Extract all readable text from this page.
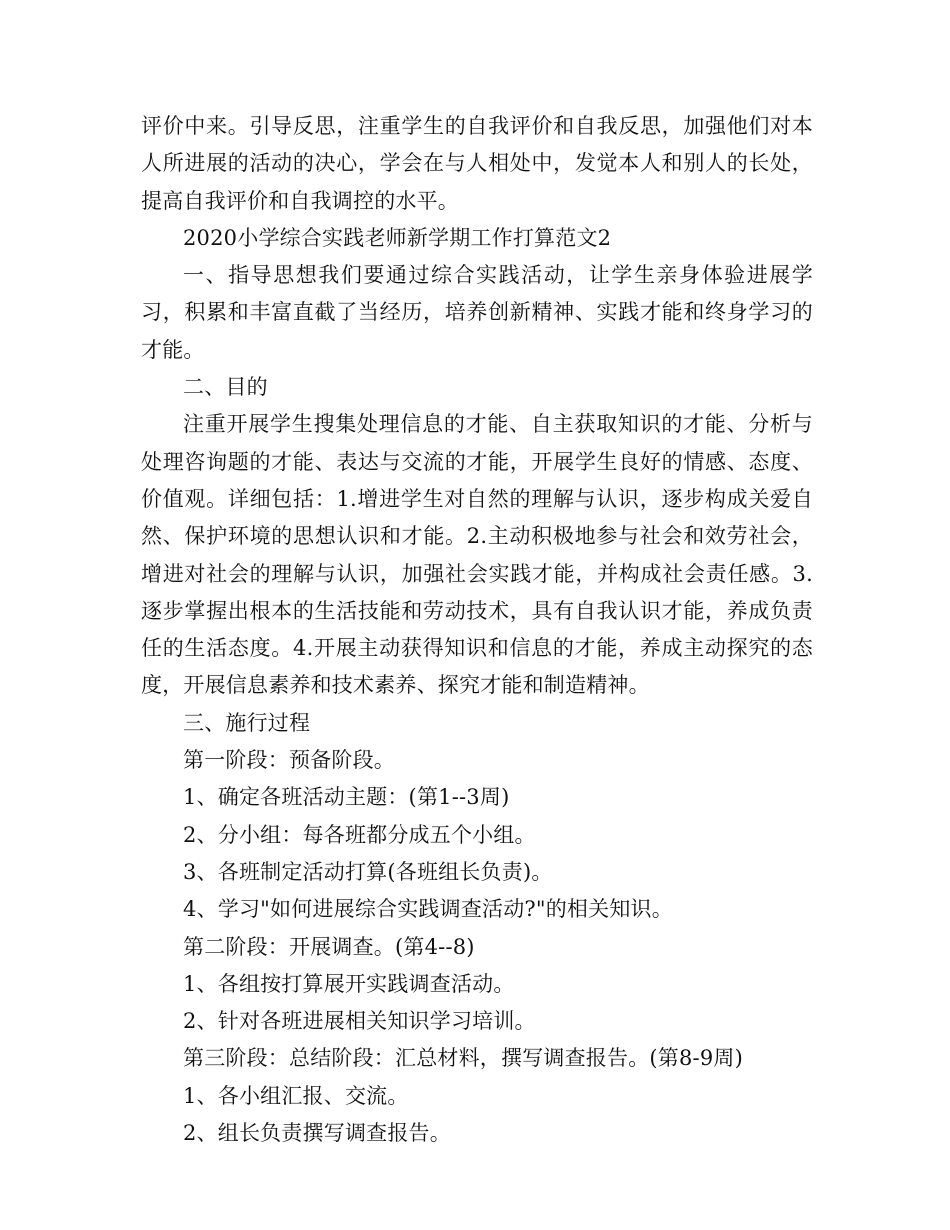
评价中来。引导反思，注重学生的自我评价和自我反思，加强他们对本人所进展的活动的决心，学会在与人相处中，发觉本人和别人的长处，提高自我评价和自我调控的水平。

2020小学综合实践老师新学期工作打算范文2

一、指导思想我们要通过综合实践活动，让学生亲身体验进展学习，积累和丰富直截了当经历，培养创新精神、实践才能和终身学习的才能。

二、目的

注重开展学生搜集处理信息的才能、自主获取知识的才能、分析与处理咨询题的才能、表达与交流的才能，开展学生良好的情感、态度、价值观。详细包括：1.增进学生对自然的理解与认识，逐步构成关爱自然、保护环境的思想认识和才能。2.主动积极地参与社会和效劳社会，增进对社会的理解与认识，加强社会实践才能，并构成社会责任感。3.逐步掌握出根本的生活技能和劳动技术，具有自我认识才能，养成负责任的生活态度。4.开展主动获得知识和信息的才能，养成主动探究的态度，开展信息素养和技术素养、探究才能和制造精神。

三、施行过程

第一阶段：预备阶段。

1、确定各班活动主题：(第1--3周)

2、分小组：每各班都分成五个小组。

3、各班制定活动打算(各班组长负责)。

4、学习"如何进展综合实践调查活动?"的相关知识。

第二阶段：开展调查。(第4--8)

1、各组按打算展开实践调查活动。

2、针对各班进展相关知识学习培训。

第三阶段：总结阶段：汇总材料，撰写调查报告。(第8-9周)

1、各小组汇报、交流。

2、组长负责撰写调查报告。
